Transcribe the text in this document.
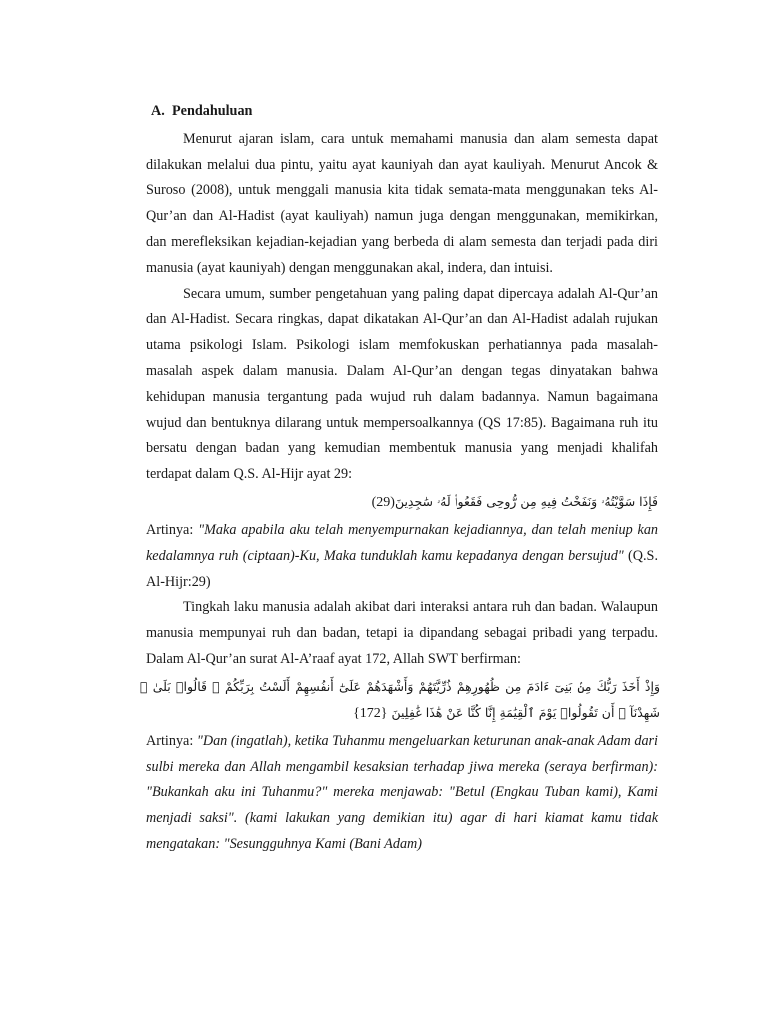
A. Pendahuluan

Menurut ajaran islam, cara untuk memahami manusia dan alam semesta dapat dilakukan melalui dua pintu, yaitu ayat kauniyah dan ayat kauliyah. Menurut Ancok & Suroso (2008), untuk menggali manusia kita tidak semata-mata menggunakan teks Al-Qur’an dan Al-Hadist (ayat kauliyah) namun juga dengan menggunakan, memikirkan, dan merefleksikan kejadian-kejadian yang berbeda di alam semesta dan terjadi pada diri manusia (ayat kauniyah) dengan menggunakan akal, indera, dan intuisi.

Secara umum, sumber pengetahuan yang paling dapat dipercaya adalah Al-Qur’an dan Al-Hadist. Secara ringkas, dapat dikatakan Al-Qur’an dan Al-Hadist adalah rujukan utama psikologi Islam. Psikologi islam memfokuskan perhatiannya pada masalah-masalah aspek dalam manusia. Dalam Al-Qur’an dengan tegas dinyatakan bahwa kehidupan manusia tergantung pada wujud ruh dalam badannya. Namun bagaimana wujud dan bentuknya dilarang untuk mempersoalkannya (QS 17:85). Bagaimana ruh itu bersatu dengan badan yang kemudian membentuk manusia yang menjadi khalifah terdapat dalam Q.S. Al-Hijr ayat 29:

فَإِذَا سَوَّيْتُهُۥ وَنَفَخْتُ فِيهِ مِن رُّوحِى فَقَعُوا۟ لَهُۥ سَٰجِدِينَ(29)

Artinya: "Maka apabila aku telah menyempurnakan kejadiannya, dan telah meniup kan kedalamnya ruh (ciptaan)-Ku, Maka tunduklah kamu kepadanya dengan bersujud" (Q.S. Al-Hijr:29)

Tingkah laku manusia adalah akibat dari interaksi antara ruh dan badan. Walaupun manusia mempunyai ruh dan badan, tetapi ia dipandang sebagai pribadi yang terpadu. Dalam Al-Qur’an surat Al-A’raaf ayat 172, Allah SWT berfirman:

وَإِذْ أَخَذَ رَبُّكَ مِنۢ بَنِىٓ ءَادَمَ مِن ظُهُورِهِمْ ذُرِّيَّتَهُمْ وَأَشْهَدَهُمْ عَلَىٰٓ أَنفُسِهِمْ أَلَسْتُ بِرَبِّكُمْ ۖ قَالُوا۟ بَلَىٰ ۛ شَهِدْنَآ ۛ أَن تَقُولُوا۟ يَوْمَ ٱلْقِيَٰمَةِ إِنَّا كُنَّا عَنْ هَٰذَا غَٰفِلِينَ {172}

Artinya: "Dan (ingatlah), ketika Tuhanmu mengeluarkan keturunan anak-anak Adam dari sulbi mereka dan Allah mengambil kesaksian terhadap jiwa mereka (seraya berfirman): "Bukankah aku ini Tuhanmu?" mereka menjawab: "Betul (Engkau Tuban kami), Kami menjadi saksi". (kami lakukan yang demikian itu) agar di hari kiamat kamu tidak mengatakan: "Sesungguhnya Kami (Bani Adam)
